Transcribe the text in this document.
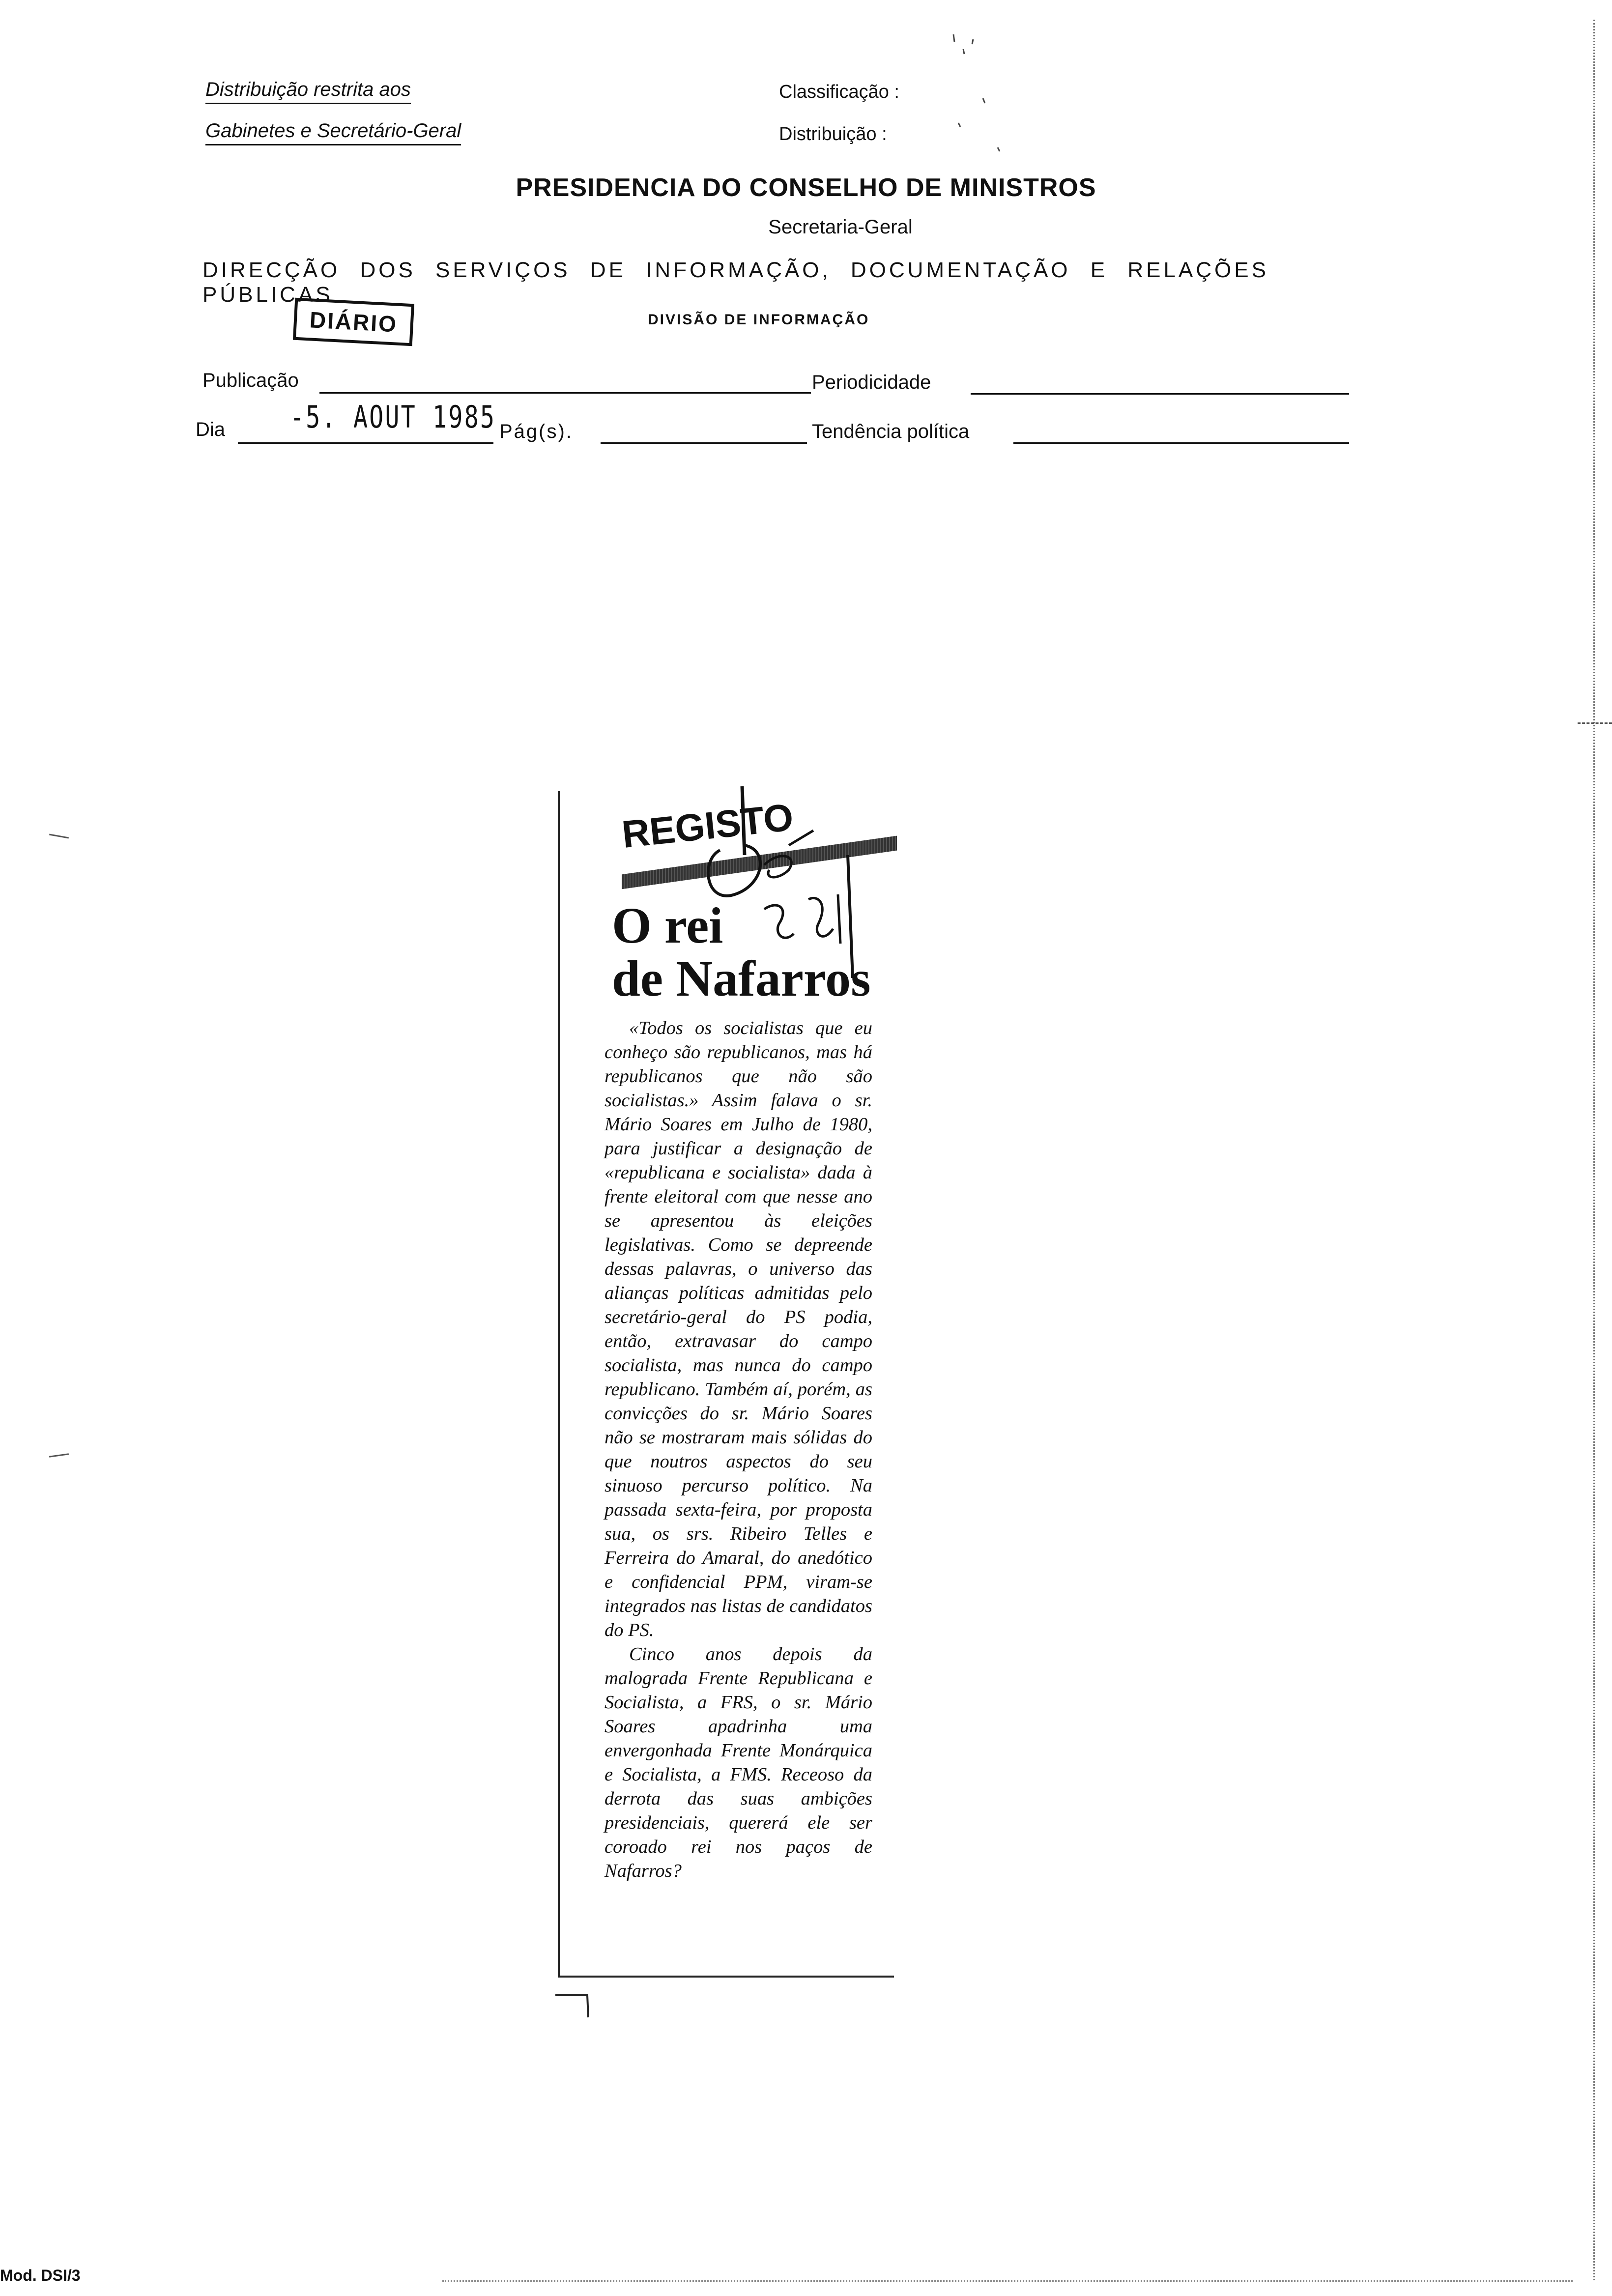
Distribuição restrita aos
Gabinetes e Secretário-Geral
Classificação :
Distribuição :
PRESIDENCIA DO CONSELHO DE MINISTROS
Secretaria-Geral
DIRECÇÃO DOS SERVIÇOS DE INFORMAÇÃO, DOCUMENTAÇÃO E RELAÇÕES PÚBLICAS
DIÁRIO	DIVISÃO DE INFORMAÇÃO
Publicação	Periodicidade
Dia -5. AOUT 1985 Pág(s).	Tendência política
REGISTO
O rei
de Nafarros

«Todos os socialistas que eu conheço são republicanos, mas há republicanos que não são socialistas.» Assim falava o sr. Mário Soares em Julho de 1980, para justificar a designação de «republicana e socialista» dada à frente eleitoral com que nesse ano se apresentou às eleições legislativas. Como se depreende dessas palavras, o universo das alianças políticas admitidas pelo secretário-geral do PS podia, então, extravasar do campo socialista, mas nunca do campo republicano. Também aí, porém, as convicções do sr. Mário Soares não se mostraram mais sólidas do que noutros aspectos do seu sinuoso percurso político. Na passada sexta-feira, por proposta sua, os srs. Ribeiro Telles e Ferreira do Amaral, do anedótico e confidencial PPM, viram-se integrados nas listas de candidatos do PS.

Cinco anos depois da malograda Frente Republicana e Socialista, a FRS, o sr. Mário Soares apadrinha uma envergonhada Frente Monárquica e Socialista, a FMS. Receoso da derrota das suas ambições presidenciais, quererá ele ser coroado rei nos paços de Nafarros?

Mod. DSI/3
